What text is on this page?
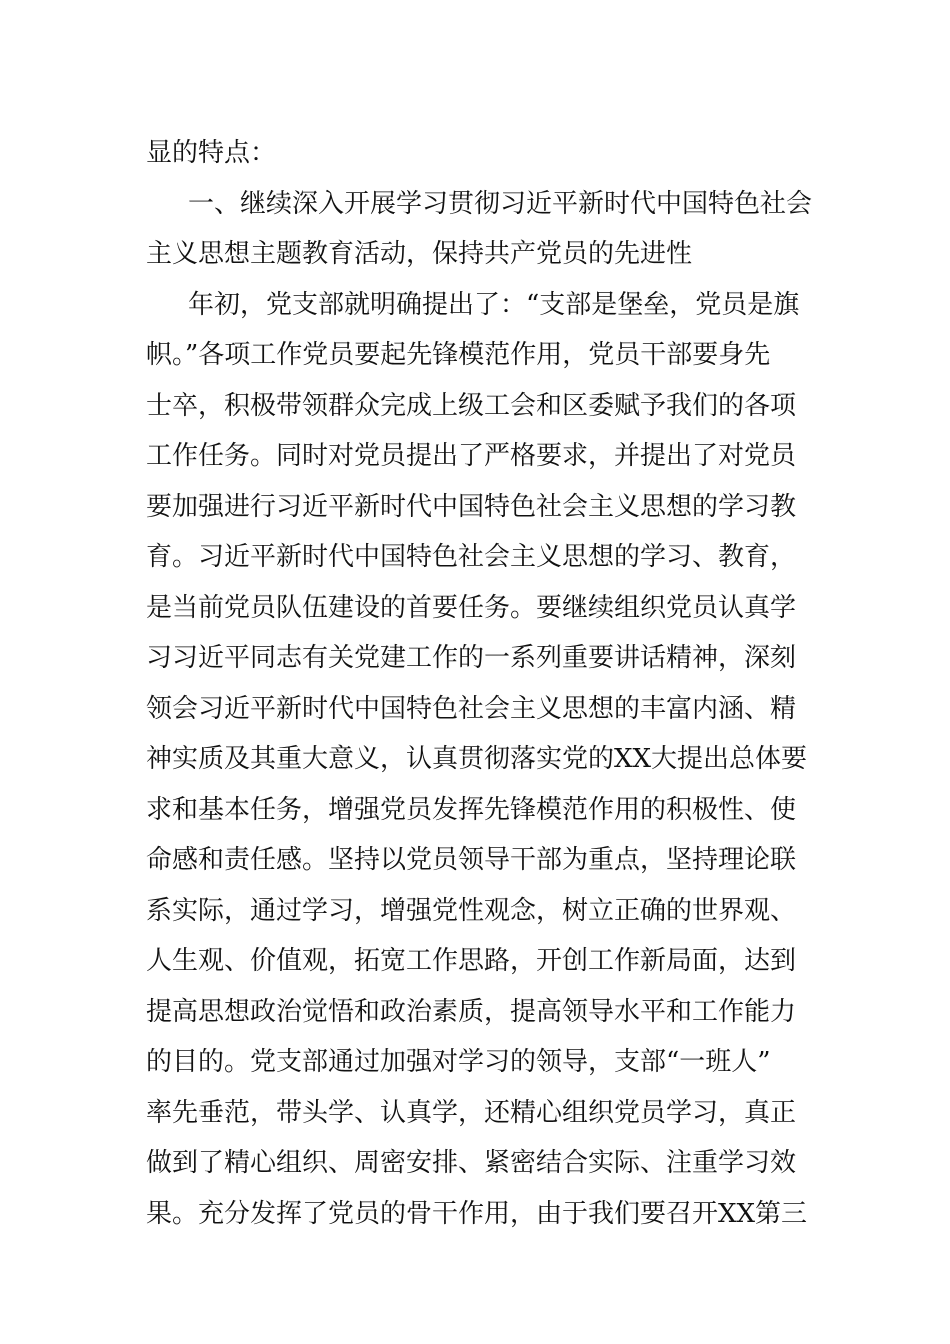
显的特点：
一、继续深入开展学习贯彻习近平新时代中国特色社会
主义思想主题教育活动，保持共产党员的先进性
年初，党支部就明确提出了：“支部是堡垒，党员是旗
帜。”各项工作党员要起先锋模范作用，党员干部要身先
士卒，积极带领群众完成上级工会和区委赋予我们的各项
工作任务。同时对党员提出了严格要求，并提出了对党员
要加强进行习近平新时代中国特色社会主义思想的学习教
育。习近平新时代中国特色社会主义思想的学习、教育，
是当前党员队伍建设的首要任务。要继续组织党员认真学
习习近平同志有关党建工作的一系列重要讲话精神，深刻
领会习近平新时代中国特色社会主义思想的丰富内涵、精
神实质及其重大意义，认真贯彻落实党的XX大提出总体要
求和基本任务，增强党员发挥先锋模范作用的积极性、使
命感和责任感。坚持以党员领导干部为重点，坚持理论联
系实际，通过学习，增强党性观念，树立正确的世界观、
人生观、价值观，拓宽工作思路，开创工作新局面，达到
提高思想政治觉悟和政治素质，提高领导水平和工作能力
的目的。党支部通过加强对学习的领导，支部“一班人”
率先垂范，带头学、认真学，还精心组织党员学习，真正
做到了精心组织、周密安排、紧密结合实际、注重学习效
果。充分发挥了党员的骨干作用，由于我们要召开XX第三
